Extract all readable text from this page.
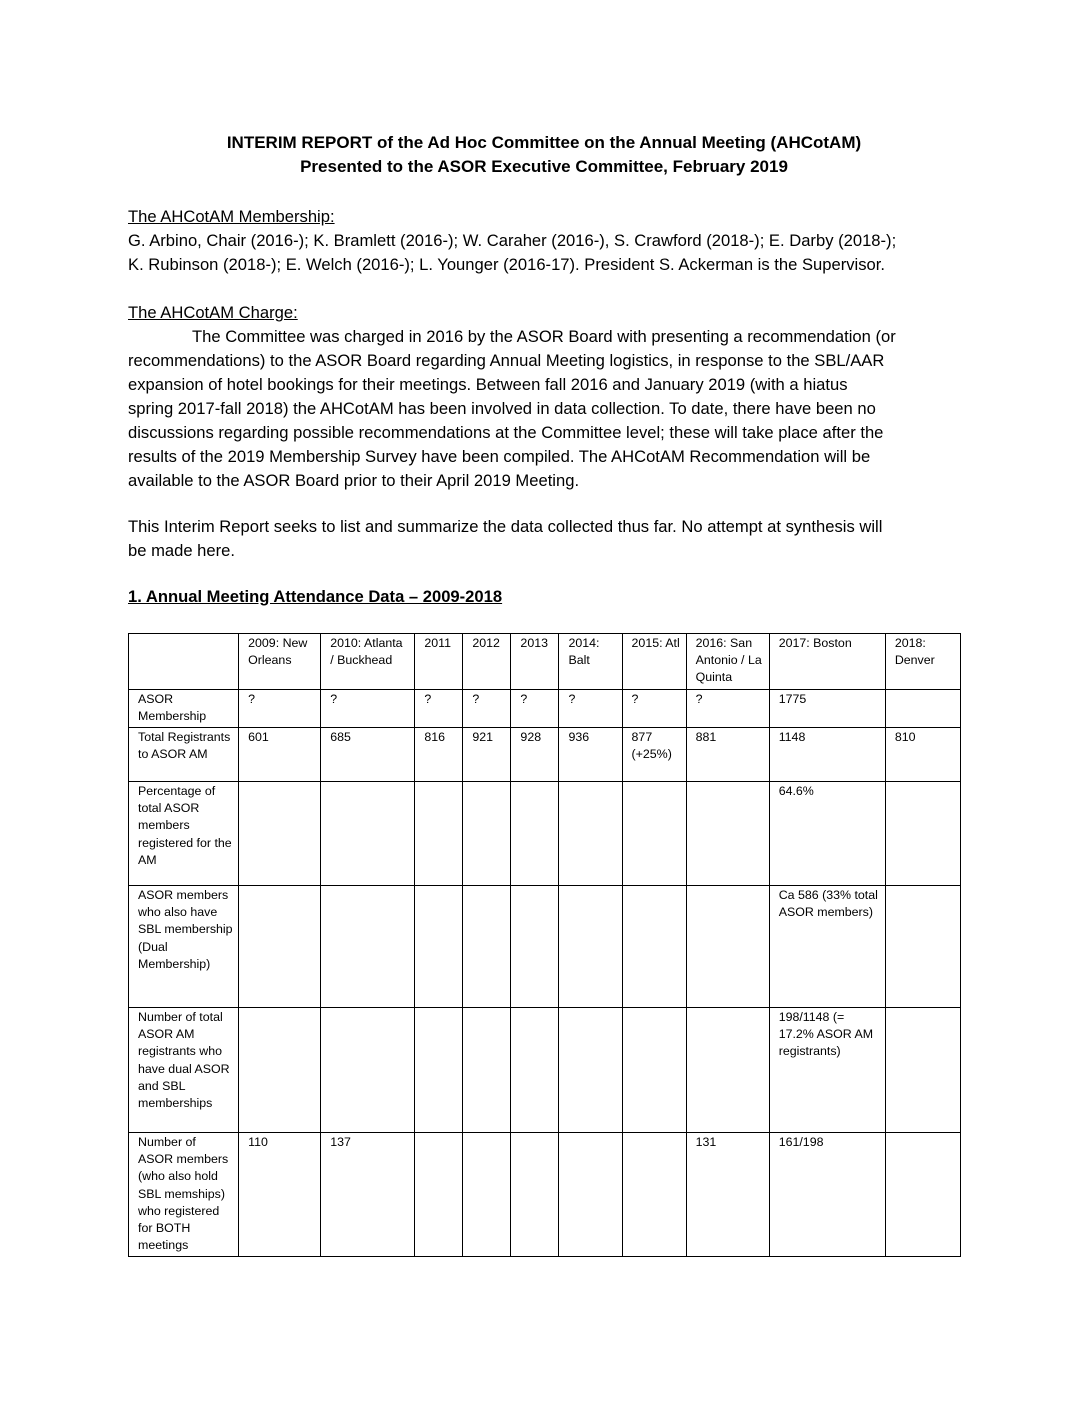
INTERIM REPORT of the Ad Hoc Committee on the Annual Meeting (AHCotAM)
Presented to the ASOR Executive Committee, February 2019
The AHCotAM Membership:
G. Arbino, Chair (2016-); K. Bramlett (2016-); W. Caraher (2016-), S. Crawford (2018-); E. Darby (2018-);
K. Rubinson (2018-); E. Welch (2016-); L. Younger (2016-17). President S. Ackerman is the Supervisor.
The AHCotAM Charge:
The Committee was charged in 2016 by the ASOR Board with presenting a recommendation (or
recommendations) to the ASOR Board regarding Annual Meeting logistics, in response to the SBL/AAR
expansion of hotel bookings for their meetings. Between fall 2016 and January 2019 (with a hiatus
spring 2017-fall 2018) the AHCotAM has been involved in data collection. To date, there have been no
discussions regarding possible recommendations at the Committee level; these will take place after the
results of the 2019 Membership Survey have been compiled. The AHCotAM Recommendation will be
available to the ASOR Board prior to their April 2019 Meeting.
This Interim Report seeks to list and summarize the data collected thus far. No attempt at synthesis will
be made here.
1. Annual Meeting Attendance Data – 2009-2018
	2009: New Orleans	2010: Atlanta / Buckhead	2011	2012	2013	2014: Balt	2015: Atl	2016: San Antonio / La Quinta	2017: Boston	2018: Denver
ASOR Membership	?	?	?	?	?	?	?	?	1775	
Total Registrants to ASOR AM	601	685	816	921	928	936	877 (+25%)	881	1148	810
Percentage of total ASOR members registered for the AM									64.6%	
ASOR members who also have SBL membership (Dual Membership)									Ca 586 (33% total ASOR members)	
Number of total ASOR AM registrants who have dual ASOR and SBL memberships									198/1148 (= 17.2% ASOR AM registrants)	
Number of ASOR members (who also hold SBL memships) who registered for BOTH meetings	110	137						131	161/198	
